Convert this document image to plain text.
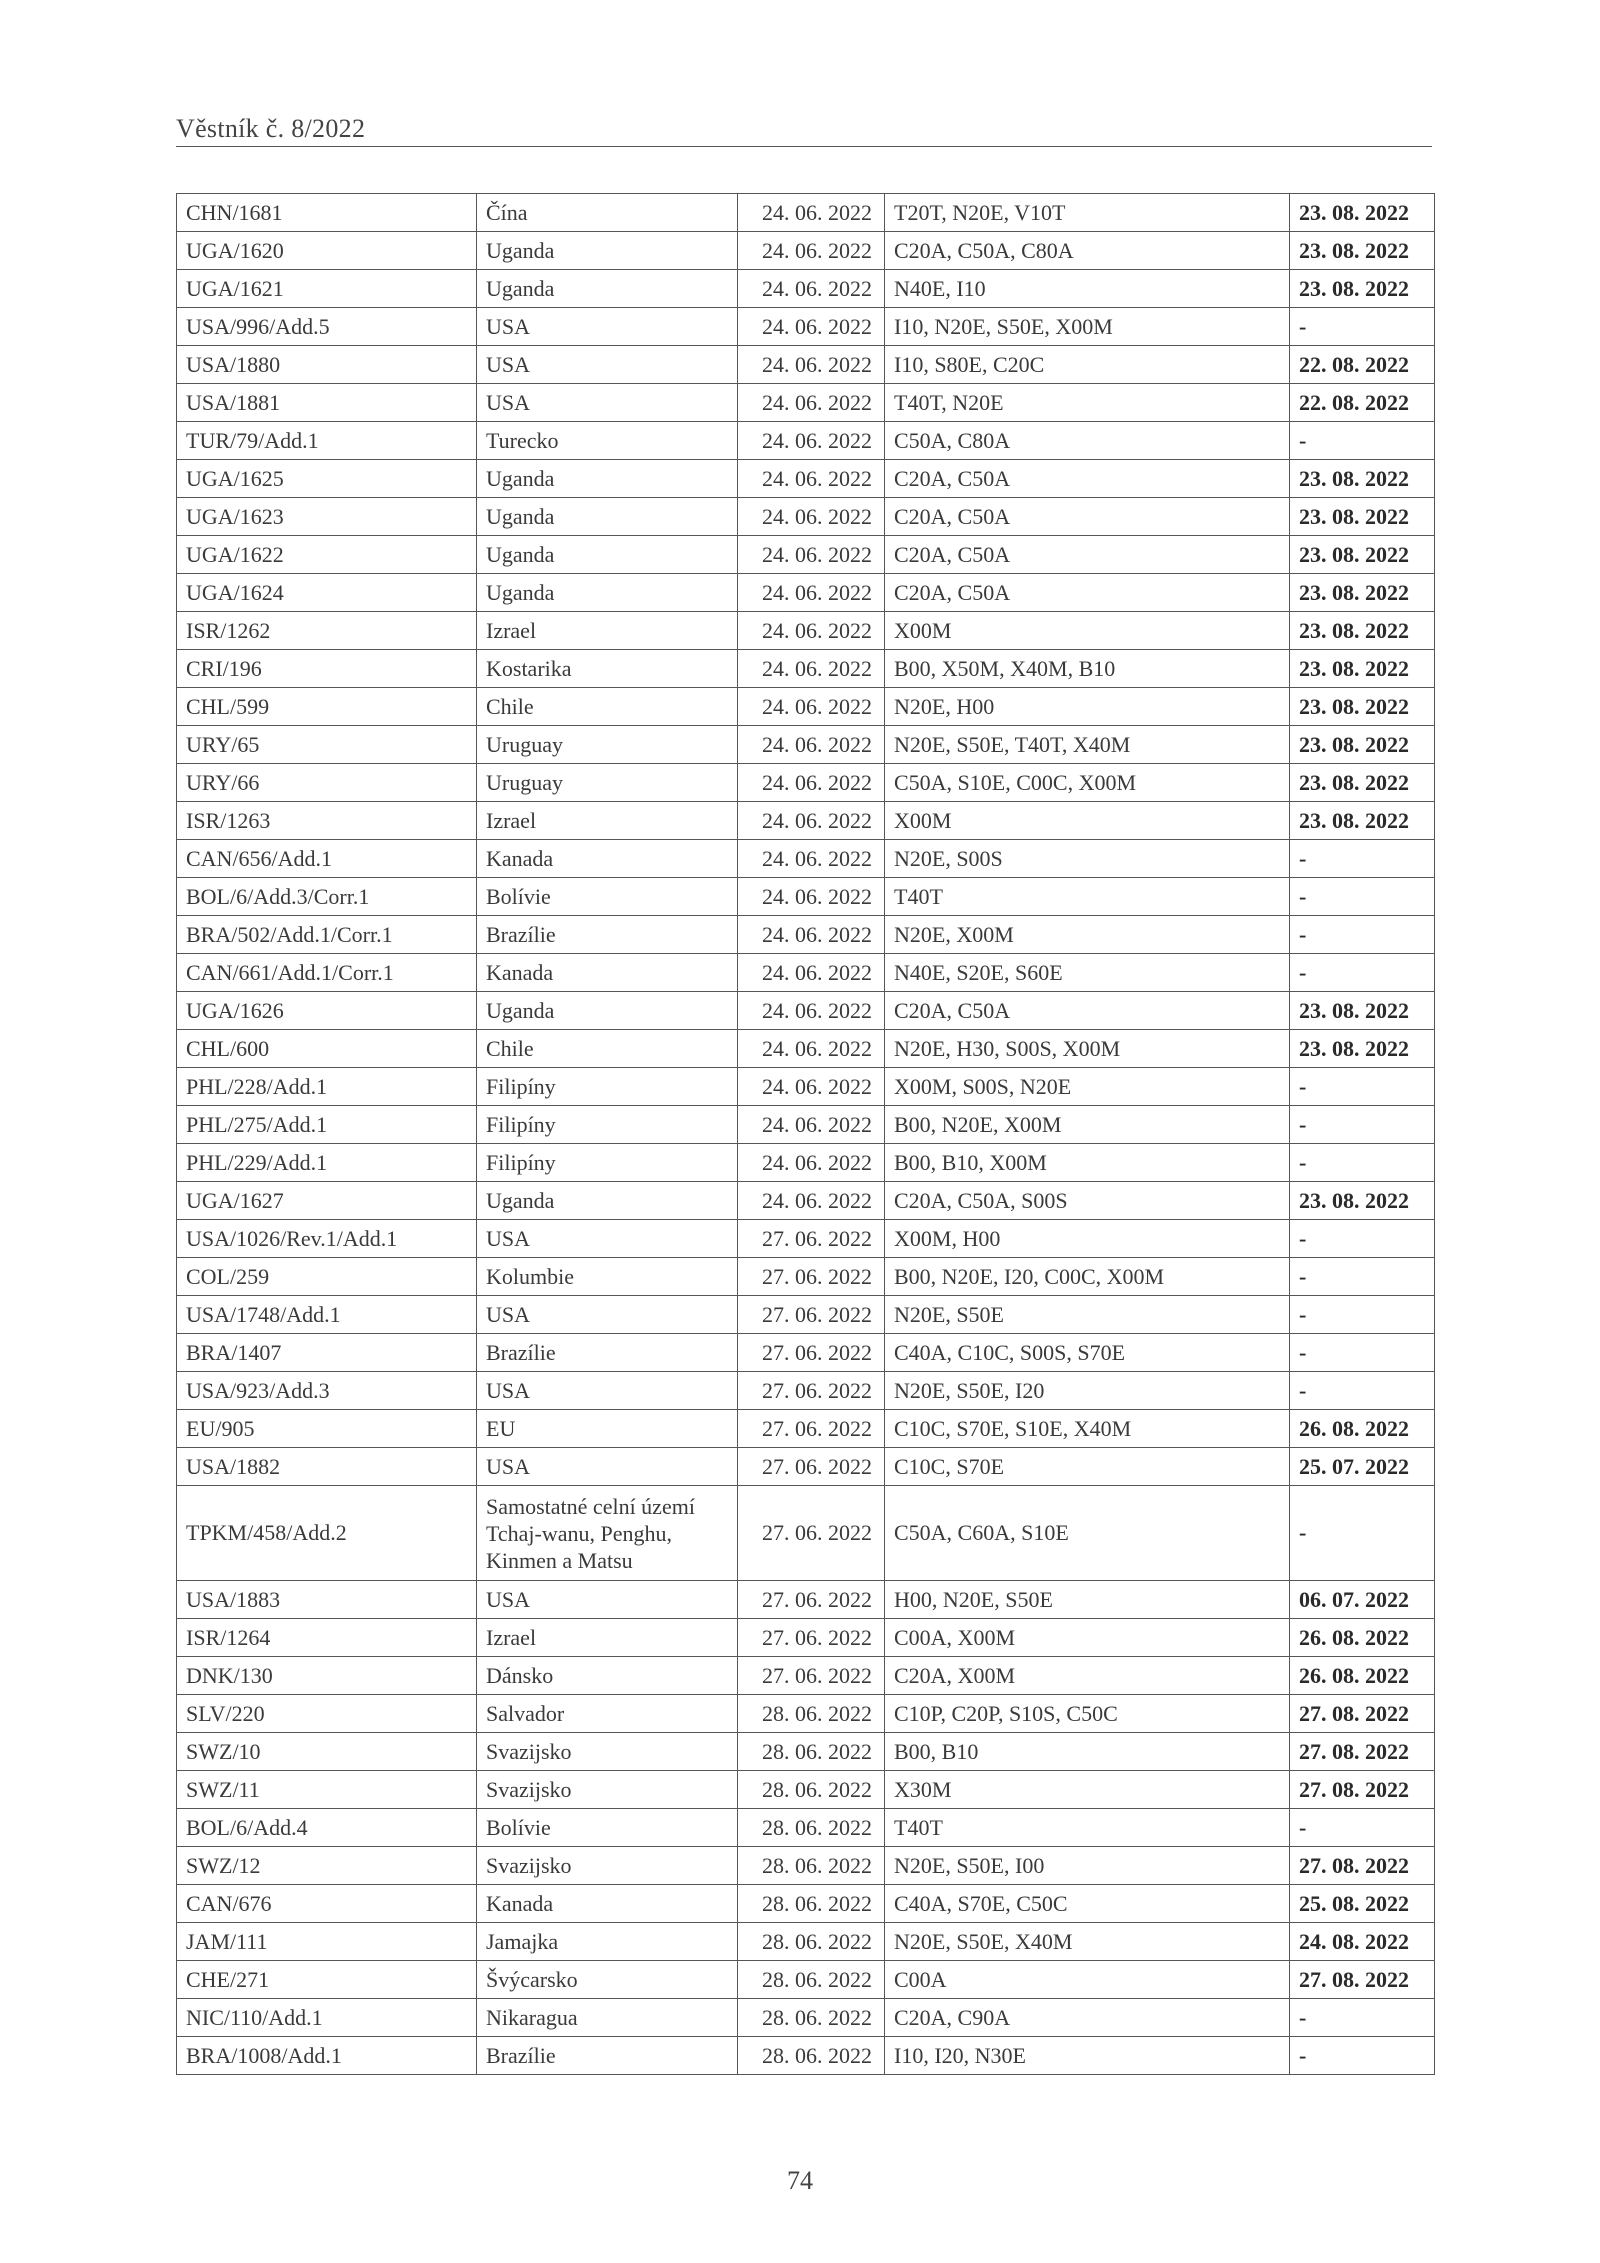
Věstník č. 8/2022
CHN/1681	Čína	24. 06. 2022	T20T, N20E, V10T	23. 08. 2022
UGA/1620	Uganda	24. 06. 2022	C20A, C50A, C80A	23. 08. 2022
UGA/1621	Uganda	24. 06. 2022	N40E, I10	23. 08. 2022
USA/996/Add.5	USA	24. 06. 2022	I10, N20E, S50E, X00M	-
USA/1880	USA	24. 06. 2022	I10, S80E, C20C	22. 08. 2022
USA/1881	USA	24. 06. 2022	T40T, N20E	22. 08. 2022
TUR/79/Add.1	Turecko	24. 06. 2022	C50A, C80A	-
UGA/1625	Uganda	24. 06. 2022	C20A, C50A	23. 08. 2022
UGA/1623	Uganda	24. 06. 2022	C20A, C50A	23. 08. 2022
UGA/1622	Uganda	24. 06. 2022	C20A, C50A	23. 08. 2022
UGA/1624	Uganda	24. 06. 2022	C20A, C50A	23. 08. 2022
ISR/1262	Izrael	24. 06. 2022	X00M	23. 08. 2022
CRI/196	Kostarika	24. 06. 2022	B00, X50M, X40M, B10	23. 08. 2022
CHL/599	Chile	24. 06. 2022	N20E, H00	23. 08. 2022
URY/65	Uruguay	24. 06. 2022	N20E, S50E, T40T, X40M	23. 08. 2022
URY/66	Uruguay	24. 06. 2022	C50A, S10E, C00C, X00M	23. 08. 2022
ISR/1263	Izrael	24. 06. 2022	X00M	23. 08. 2022
CAN/656/Add.1	Kanada	24. 06. 2022	N20E, S00S	-
BOL/6/Add.3/Corr.1	Bolívie	24. 06. 2022	T40T	-
BRA/502/Add.1/Corr.1	Brazílie	24. 06. 2022	N20E, X00M	-
CAN/661/Add.1/Corr.1	Kanada	24. 06. 2022	N40E, S20E, S60E	-
UGA/1626	Uganda	24. 06. 2022	C20A, C50A	23. 08. 2022
CHL/600	Chile	24. 06. 2022	N20E, H30, S00S, X00M	23. 08. 2022
PHL/228/Add.1	Filipíny	24. 06. 2022	X00M, S00S, N20E	-
PHL/275/Add.1	Filipíny	24. 06. 2022	B00, N20E, X00M	-
PHL/229/Add.1	Filipíny	24. 06. 2022	B00, B10, X00M	-
UGA/1627	Uganda	24. 06. 2022	C20A, C50A, S00S	23. 08. 2022
USA/1026/Rev.1/Add.1	USA	27. 06. 2022	X00M, H00	-
COL/259	Kolumbie	27. 06. 2022	B00, N20E, I20, C00C, X00M	-
USA/1748/Add.1	USA	27. 06. 2022	N20E, S50E	-
BRA/1407	Brazílie	27. 06. 2022	C40A, C10C, S00S, S70E	-
USA/923/Add.3	USA	27. 06. 2022	N20E, S50E, I20	-
EU/905	EU	27. 06. 2022	C10C, S70E, S10E, X40M	26. 08. 2022
USA/1882	USA	27. 06. 2022	C10C, S70E	25. 07. 2022
TPKM/458/Add.2	Samostatné celní území Tchaj-wanu, Penghu, Kinmen a Matsu	27. 06. 2022	C50A, C60A, S10E	-
USA/1883	USA	27. 06. 2022	H00, N20E, S50E	06. 07. 2022
ISR/1264	Izrael	27. 06. 2022	C00A, X00M	26. 08. 2022
DNK/130	Dánsko	27. 06. 2022	C20A, X00M	26. 08. 2022
SLV/220	Salvador	28. 06. 2022	C10P, C20P, S10S, C50C	27. 08. 2022
SWZ/10	Svazijsko	28. 06. 2022	B00, B10	27. 08. 2022
SWZ/11	Svazijsko	28. 06. 2022	X30M	27. 08. 2022
BOL/6/Add.4	Bolívie	28. 06. 2022	T40T	-
SWZ/12	Svazijsko	28. 06. 2022	N20E, S50E, I00	27. 08. 2022
CAN/676	Kanada	28. 06. 2022	C40A, S70E, C50C	25. 08. 2022
JAM/111	Jamajka	28. 06. 2022	N20E, S50E, X40M	24. 08. 2022
CHE/271	Švýcarsko	28. 06. 2022	C00A	27. 08. 2022
NIC/110/Add.1	Nikaragua	28. 06. 2022	C20A, C90A	-
BRA/1008/Add.1	Brazílie	28. 06. 2022	I10, I20, N30E	-
74
